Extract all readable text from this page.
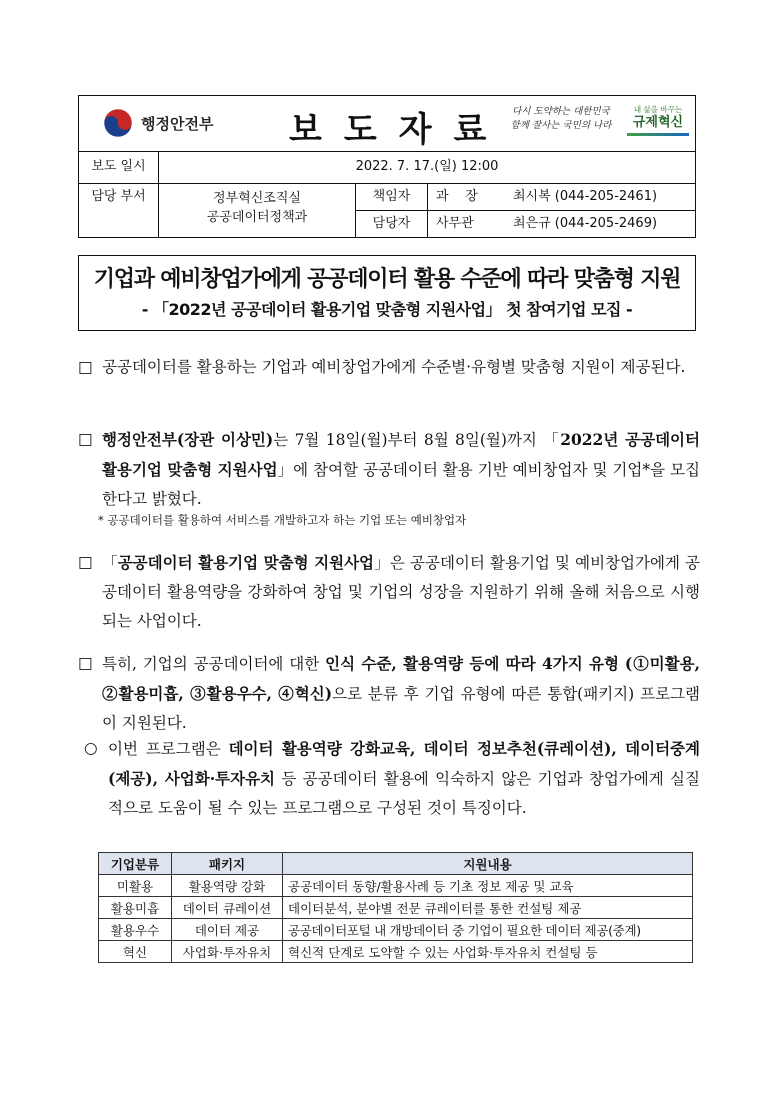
행정안전부 보도자료 다시 도약하는 대한민국
함께 잘사는 국민의 나라
내 삶을 바꾸는
규제혁신
보도 일시	2022. 7. 17.(일) 12:00
담당 부서	정부혁신조직실
공공데이터정책과
책임자	과    장	최시복 (044-205-2461)
담당자	사무관	최은규 (044-205-2469)
기업과 예비창업가에게 공공데이터 활용 수준에 따라 맞춤형 지원
- 「2022년 공공데이터 활용기업 맞춤형 지원사업」 첫 참여기업 모집 -
□ 공공데이터를 활용하는 기업과 예비창업가에게 수준별·유형별 맞춤형 지원이 제공된다.
□ 행정안전부(장관 이상민)는 7월 18일(월)부터 8월 8일(월)까지 「2022년 공공데이터 활용기업 맞춤형 지원사업」에 참여할 공공데이터 활용 기반 예비창업자 및 기업*을 모집한다고 밝혔다.
* 공공데이터를 활용하여 서비스를 개발하고자 하는 기업 또는 예비창업자
□ 「공공데이터 활용기업 맞춤형 지원사업」은 공공데이터 활용기업 및 예비창업가에게 공공데이터 활용역량을 강화하여 창업 및 기업의 성장을 지원하기 위해 올해 처음으로 시행되는 사업이다.
□ 특히, 기업의 공공데이터에 대한 인식 수준, 활용역량 등에 따라 4가지 유형 (①미활용, ②활용미흡, ③활용우수, ④혁신)으로 분류 후 기업 유형에 따른 통합(패키지) 프로그램이 지원된다.
○ 이번 프로그램은 데이터 활용역량 강화교육, 데이터 정보추천(큐레이션), 데이터중계(제공), 사업화·투자유치 등 공공데이터 활용에 익숙하지 않은 기업과 창업가에게 실질적으로 도움이 될 수 있는 프로그램으로 구성된 것이 특징이다.
기업분류	패키지	지원내용
미활용	활용역량 강화	공공데이터 동향/활용사례 등 기초 정보 제공 및 교육
활용미흡	데이터 큐레이션	데이터분석, 분야별 전문 큐레이터를 통한 컨설팅 제공
활용우수	데이터 제공	공공데이터포털 내 개방데이터 중 기업이 필요한 데이터 제공(중계)
혁신	사업화·투자유치	혁신적 단계로 도약할 수 있는 사업화·투자유치 컨설팅 등
